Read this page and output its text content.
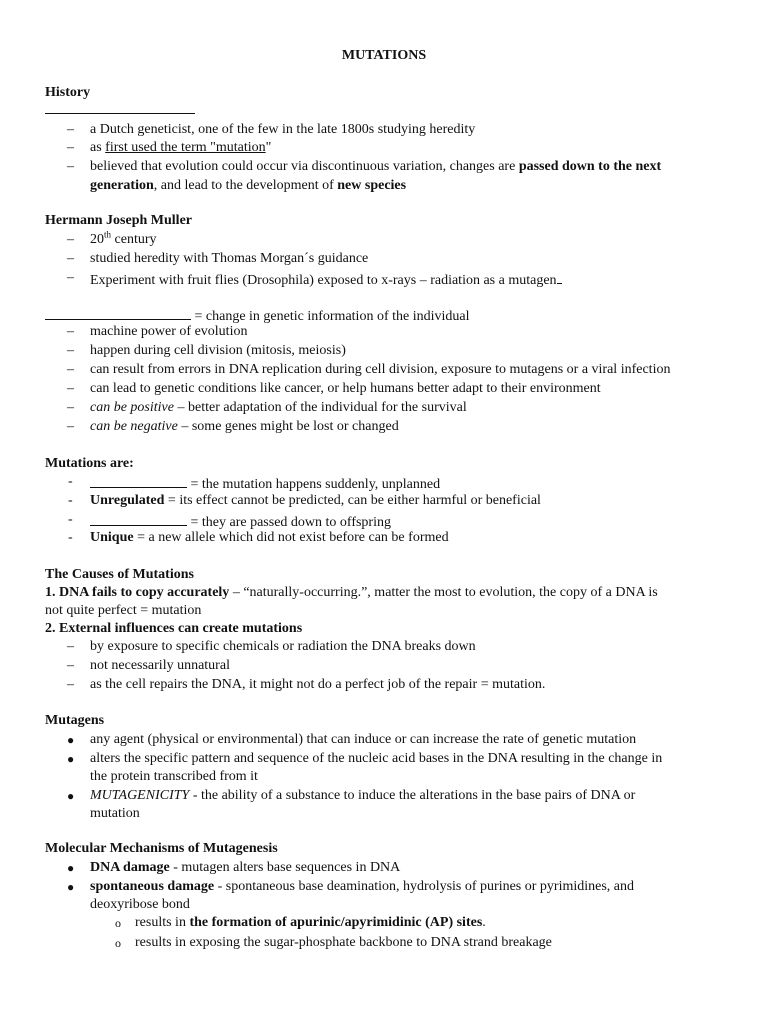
MUTATIONS
History
– a Dutch geneticist, one of the few in the late 1800s studying heredity
– as first used the term "mutation"
– believed that evolution could occur via discontinuous variation, changes are passed down to the next
generation, and lead to the development of new species
Hermann Joseph Muller
– 20th century
– studied heredity with Thomas Morgan´s guidance
– Experiment with fruit flies (Drosophila) exposed to x-rays – radiation as a mutagen
= change in genetic information of the individual
– machine power of evolution
– happen during cell division (mitosis, meiosis)
– can result from errors in DNA replication during cell division, exposure to mutagens or a viral infection
– can lead to genetic conditions like cancer, or help humans better adapt to their environment
– can be positive – better adaptation of the individual for the survival
– can be negative – some genes might be lost or changed
Mutations are:
-	= the mutation happens suddenly, unplanned
- Unregulated = its effect cannot be predicted, can be either harmful or beneficial
-	= they are passed down to offspring
- Unique = a new allele which did not exist before can be formed
The Causes of Mutations
1. DNA fails to copy accurately – “naturally-occurring.”, matter the most to evolution, the copy of a DNA is
not quite perfect = mutation
2. External influences can create mutations
– by exposure to specific chemicals or radiation the DNA breaks down
– not necessarily unnatural
– as the cell repairs the DNA, it might not do a perfect job of the repair = mutation.
Mutagens
● any agent (physical or environmental) that can induce or can increase the rate of genetic mutation
● alters the specific pattern and sequence of the nucleic acid bases in the DNA resulting in the change in
the protein transcribed from it
● MUTAGENICITY - the ability of a substance to induce the alterations in the base pairs of DNA or
mutation
Molecular Mechanisms of Mutagenesis
● DNA damage - mutagen alters base sequences in DNA
● spontaneous damage - spontaneous base deamination, hydrolysis of purines or pyrimidines, and
deoxyribose bond
o results in the formation of apurinic/apyrimidinic (AP) sites.
o results in exposing the sugar-phosphate backbone to DNA strand breakage
